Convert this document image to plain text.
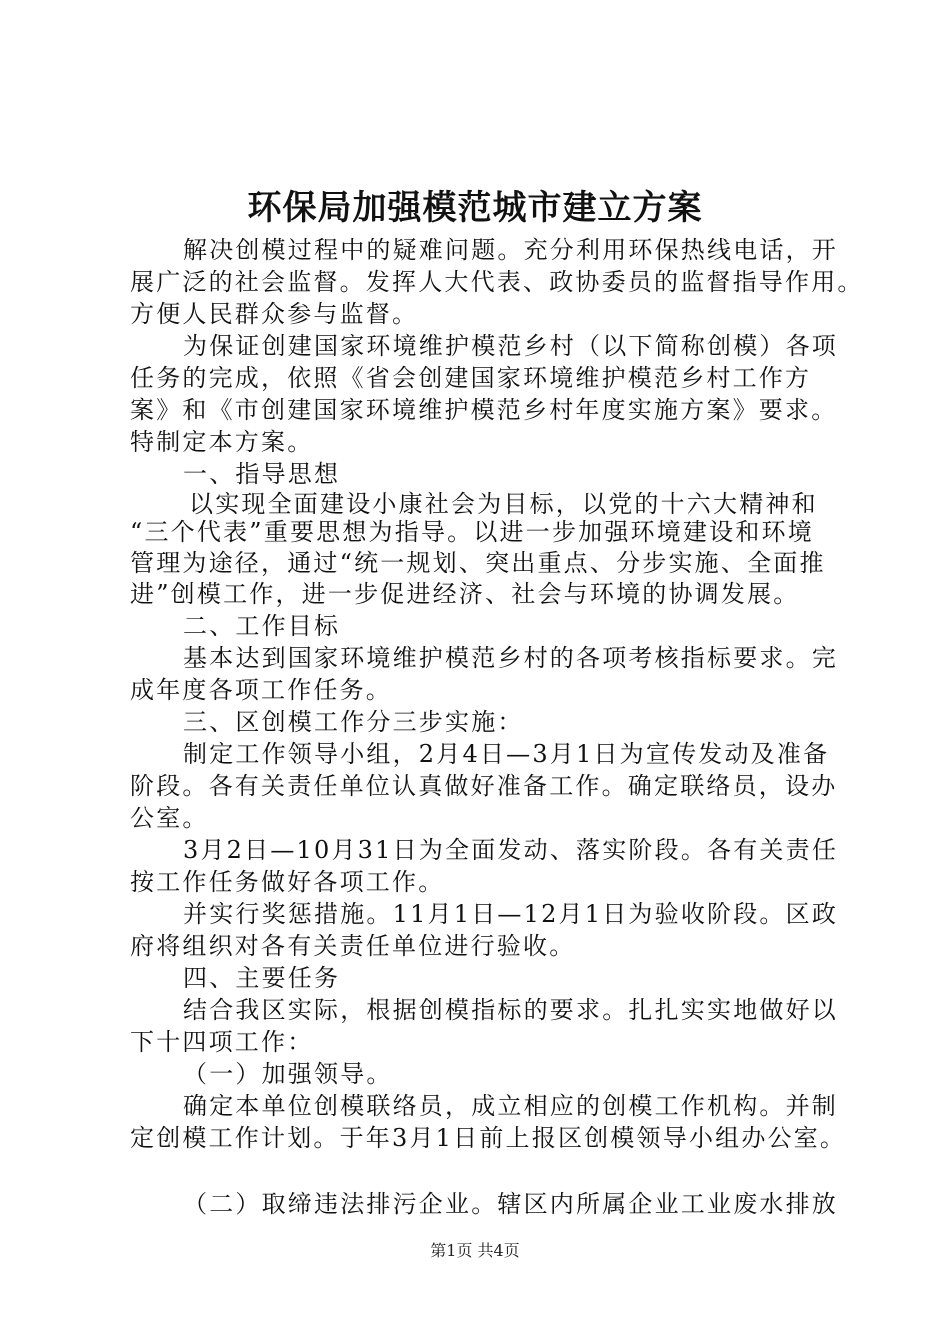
环保局加强模范城市建立方案
解决创模过程中的疑难问题。充分利用环保热线电话，开
展广泛的社会监督。发挥人大代表、政协委员的监督指导作用。
方便人民群众参与监督。
为保证创建国家环境维护模范乡村（以下简称创模）各项
任务的完成，依照《省会创建国家环境维护模范乡村工作方
案》和《市创建国家环境维护模范乡村年度实施方案》要求。
特制定本方案。
一、指导思想
以实现全面建设小康社会为目标，以党的十六大精神和
“三个代表”重要思想为指导。以进一步加强环境建设和环境
管理为途径，通过“统一规划、突出重点、分步实施、全面推
进”创模工作，进一步促进经济、社会与环境的协调发展。
二、工作目标
基本达到国家环境维护模范乡村的各项考核指标要求。完
成年度各项工作任务。
三、区创模工作分三步实施：
制定工作领导小组，2月4日—3月1日为宣传发动及准备
阶段。各有关责任单位认真做好准备工作。确定联络员，设办
公室。
3月2日—10月31日为全面发动、落实阶段。各有关责任
按工作任务做好各项工作。
并实行奖惩措施。11月1日—12月1日为验收阶段。区政
府将组织对各有关责任单位进行验收。
四、主要任务
结合我区实际，根据创模指标的要求。扎扎实实地做好以
下十四项工作：
（一）加强领导。
确定本单位创模联络员，成立相应的创模工作机构。并制
定创模工作计划。于年3月1日前上报区创模领导小组办公室。
（二）取缔违法排污企业。辖区内所属企业工业废水排放
第1页 共4页
